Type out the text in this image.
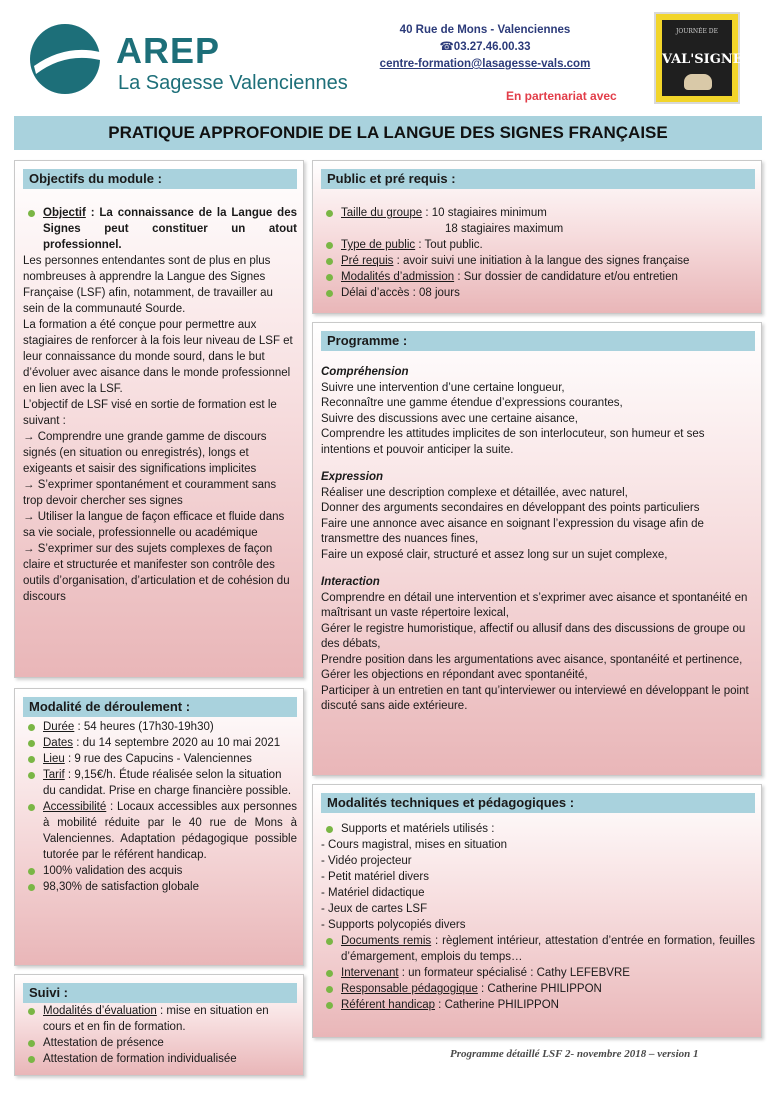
AREP
La Sagesse Valenciennes
40 Rue de Mons - Valenciennes
☎03.27.46.00.33
centre-formation@lasagesse-vals.com
En partenariat avec
JOURNÉE DE
VAL'SIGNES
PRATIQUE APPROFONDIE DE LA LANGUE DES SIGNES FRANÇAISE
Objectifs du module :

Objectif : La connaissance de la Langue des Signes peut constituer un atout professionnel.

Les personnes entendantes sont de plus en plus nombreuses à apprendre la Langue des Signes Française (LSF) afin, notamment, de travailler au sein de la communauté Sourde.

La formation a été conçue pour permettre aux stagiaires de renforcer à la fois leur niveau de LSF et leur connaissance du monde sourd, dans le but d’évoluer avec aisance dans le monde professionnel en lien avec la LSF.

L’objectif de LSF visé en sortie de formation est le suivant :

→ Comprendre une grande gamme de discours signés (en situation ou enregistrés), longs et exigeants et saisir des significations implicites

→ S’exprimer spontanément et couramment sans trop devoir chercher ses signes

→ Utiliser la langue de façon efficace et fluide dans sa vie sociale, professionnelle ou académique

→ S’exprimer sur des sujets complexes de façon claire et structurée et manifester son contrôle des outils d’organisation, d’articulation et de cohésion du discours

Modalité de déroulement :

Durée : 54 heures (17h30-19h30)

Dates : du 14 septembre 2020 au 10 mai 2021

Lieu : 9 rue des Capucins - Valenciennes

Tarif : 9,15€/h. Étude réalisée selon la situation du candidat. Prise en charge financière possible.

Accessibilité : Locaux accessibles aux personnes à mobilité réduite par le 40 rue de Mons à Valenciennes. Adaptation pédagogique possible tutorée par le référent handicap.

100% validation des acquis

98,30% de satisfaction globale

Suivi :

Modalités d’évaluation : mise en situation en cours et en fin de formation.

Attestation de présence

Attestation de formation individualisée

Public et pré requis :

Taille du groupe : 10 stagiaires minimum

18 stagiaires maximum

Type de public : Tout public.

Pré requis : avoir suivi une initiation à la langue des signes française

Modalités d’admission : Sur dossier de candidature et/ou entretien

Délai d’accès : 08 jours

Programme :

Compréhension

Suivre une intervention d’une certaine longueur,

Reconnaître une gamme étendue d’expressions courantes,

Suivre des discussions avec une certaine aisance,

Comprendre les attitudes implicites de son interlocuteur, son humeur et ses intentions et pouvoir anticiper la suite.

Expression

Réaliser une description complexe et détaillée, avec naturel,

Donner des arguments secondaires en développant des points particuliers

Faire une annonce avec aisance en soignant l’expression du visage afin de transmettre des nuances fines,

Faire un exposé clair, structuré et assez long sur un sujet complexe,

Interaction

Comprendre en détail une intervention et s’exprimer avec aisance et spontanéité en maîtrisant un vaste répertoire lexical,

Gérer le registre humoristique, affectif ou allusif dans des discussions de groupe ou des débats,

Prendre position dans les argumentations avec aisance, spontanéité et pertinence,

Gérer les objections en répondant avec spontanéité,

Participer à un entretien en tant qu’interviewer ou interviewé en développant le point discuté sans aide extérieure.

Modalités techniques et pédagogiques :

Supports et matériels utilisés :

- Cours magistral, mises en situation

- Vidéo projecteur

- Petit matériel divers

- Matériel didactique

- Jeux de cartes LSF

- Supports polycopiés divers

Documents remis : règlement intérieur, attestation d’entrée en formation, feuilles d’émargement, emplois du temps…

Intervenant : un formateur spécialisé : Cathy LEFEBVRE

Responsable pédagogique : Catherine PHILIPPON

Référent handicap : Catherine PHILIPPON

Programme détaillé LSF 2- novembre 2018 – version 1
